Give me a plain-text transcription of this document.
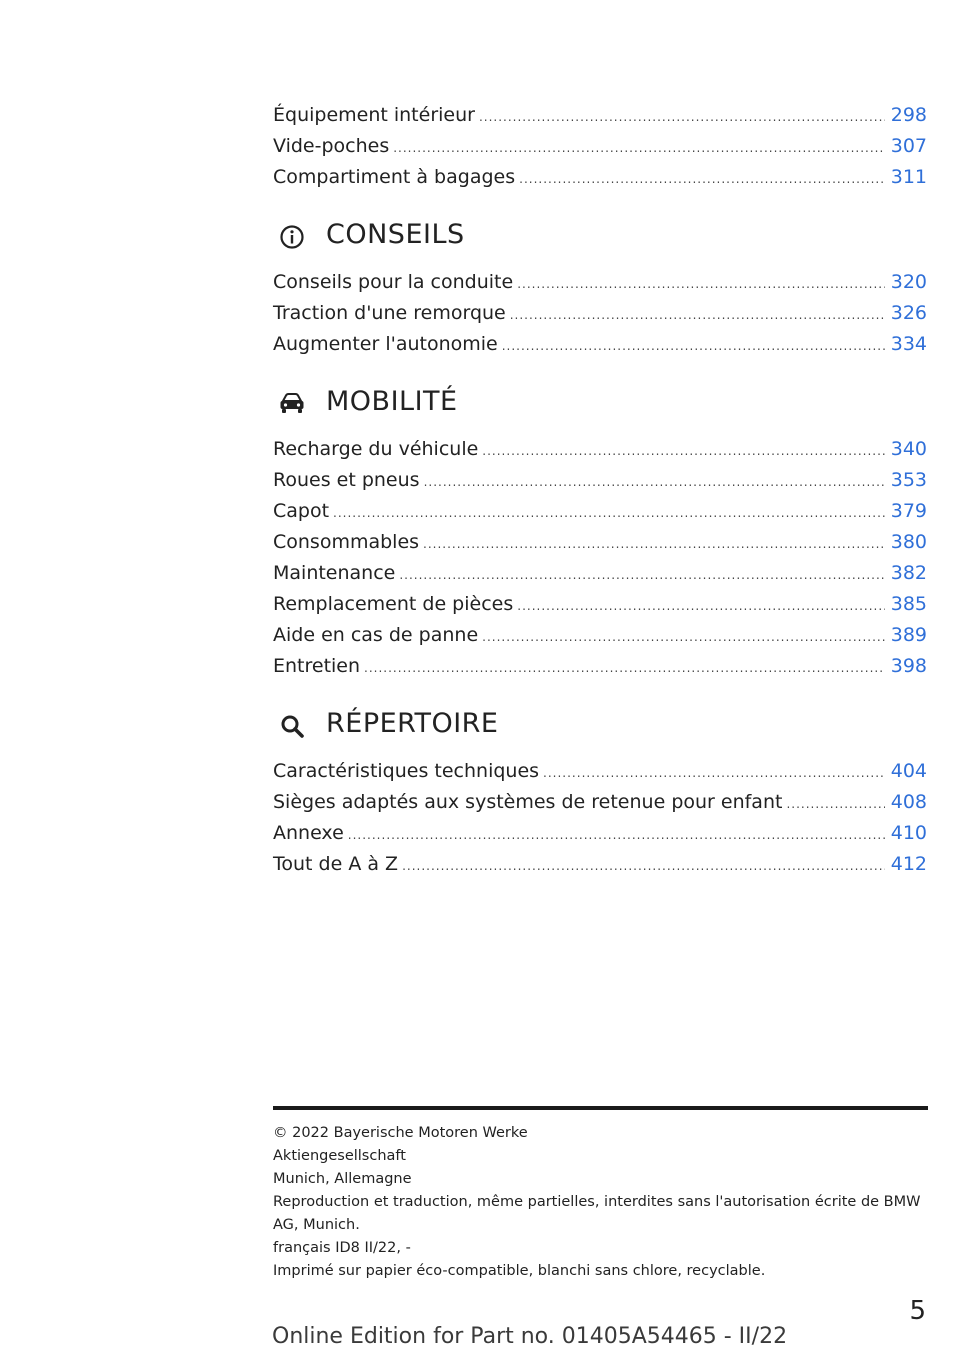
Équipement intérieur .....	298
Vide-poches .....	307
Compartiment à bagages .....	311
CONSEILS
Conseils pour la conduite .....	320
Traction d'une remorque .....	326
Augmenter l'autonomie .....	334
MOBILITÉ
Recharge du véhicule .....	340
Roues et pneus .....	353
Capot .....	379
Consommables .....	380
Maintenance .....	382
Remplacement de pièces .....	385
Aide en cas de panne .....	389
Entretien .....	398
RÉPERTOIRE
Caractéristiques techniques .....	404
Sièges adaptés aux systèmes de retenue pour enfant .....	408
Annexe .....	410
Tout de A à Z .....	412
© 2022 Bayerische Motoren Werke
Aktiengesellschaft
Munich, Allemagne
Reproduction et traduction, même partielles, interdites sans l'autorisation écrite de BMW AG, Munich.
français ID8 II/22, -
Imprimé sur papier éco-compatible, blanchi sans chlore, recyclable.
5
Online Edition for Part no. 01405A54465 - II/22
